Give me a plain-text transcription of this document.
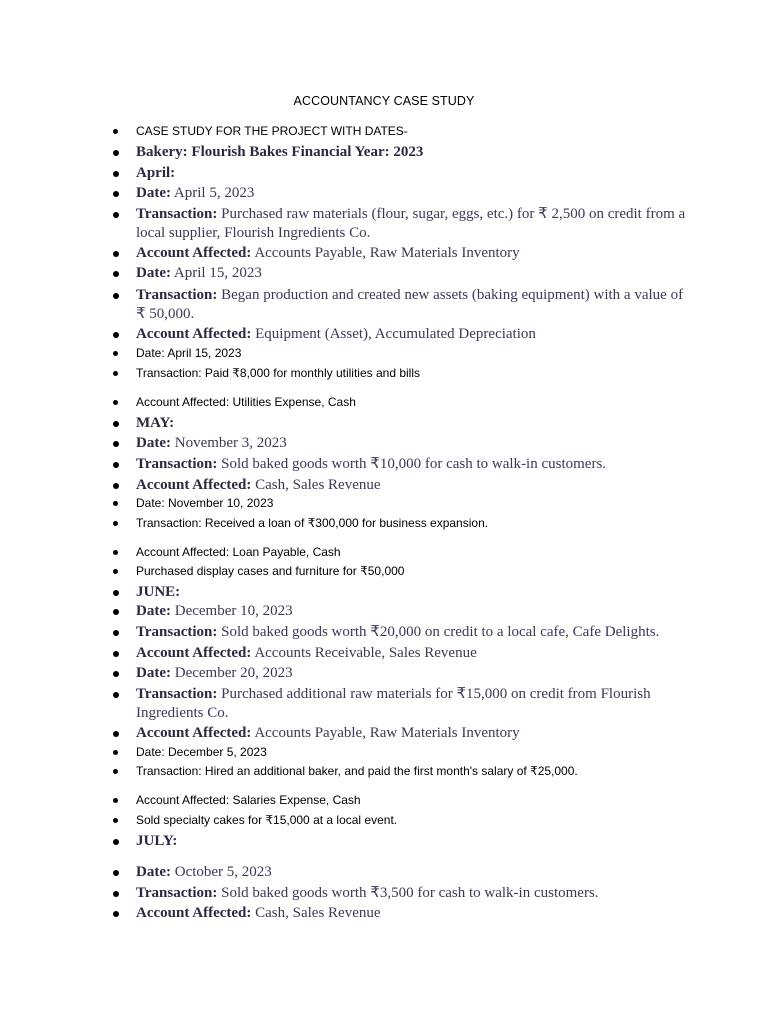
ACCOUNTANCY CASE STUDY
CASE STUDY FOR THE PROJECT WITH DATES-
Bakery: Flourish Bakes Financial Year: 2023
April:
Date: April 5, 2023
Transaction: Purchased raw materials (flour, sugar, eggs, etc.) for ₹ 2,500 on credit from a local supplier, Flourish Ingredients Co.
Account Affected: Accounts Payable, Raw Materials Inventory
Date: April 15, 2023
Transaction: Began production and created new assets (baking equipment) with a value of ₹ 50,000.
Account Affected: Equipment (Asset), Accumulated Depreciation
Date: April 15, 2023
Transaction: Paid ₹8,000 for monthly utilities and bills
Account Affected: Utilities Expense, Cash
MAY:
Date: November 3, 2023
Transaction: Sold baked goods worth ₹10,000 for cash to walk-in customers.
Account Affected: Cash, Sales Revenue
Date: November 10, 2023
Transaction: Received a loan of ₹300,000 for business expansion.
Account Affected: Loan Payable, Cash
Purchased display cases and furniture for ₹50,000
JUNE:
Date: December 10, 2023
Transaction: Sold baked goods worth ₹20,000 on credit to a local cafe, Cafe Delights.
Account Affected: Accounts Receivable, Sales Revenue
Date: December 20, 2023
Transaction: Purchased additional raw materials for ₹15,000 on credit from Flourish Ingredients Co.
Account Affected: Accounts Payable, Raw Materials Inventory
Date: December 5, 2023
Transaction: Hired an additional baker, and paid the first month's salary of ₹25,000.
Account Affected: Salaries Expense, Cash
Sold specialty cakes for ₹15,000 at a local event.
JULY:
Date: October 5, 2023
Transaction: Sold baked goods worth ₹3,500 for cash to walk-in customers.
Account Affected: Cash, Sales Revenue
